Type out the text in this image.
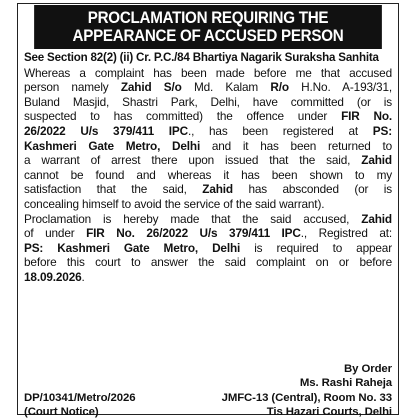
PROCLAMATION REQUIRING THE
APPEARANCE OF ACCUSED PERSON
See Section 82(2) (ii) Cr. P.C./84 Bhartiya Nagarik Suraksha Sanhita
Whereas a complaint has been made before me that accused
person namely Zahid S/o Md. Kalam R/o H.No. A-193/31,
Buland Masjid, Shastri Park, Delhi, have committed (or is
suspected to has committed) the offence under FIR No.
26/2022 U/s 379/411 IPC., has been registered at PS:
Kashmeri Gate Metro, Delhi and it has been returned to
a warrant of arrest there upon issued that the said, Zahid
cannot be found and whereas it has been shown to my
satisfaction that the said, Zahid has absconded (or is
concealing himself to avoid the service of the said warrant).
Proclamation is hereby made that the said accused, Zahid
of under FIR No. 26/2022 U/s 379/411 IPC., Registred at:
PS: Kashmeri Gate Metro, Delhi is required to appear
before this court to answer the said complaint on or before
18.09.2026.
By Order
Ms. Rashi Raheja
DP/10341/Metro/2026	JMFC-13 (Central), Room No. 33
(Court Notice)	Tis Hazari Courts, Delhi
